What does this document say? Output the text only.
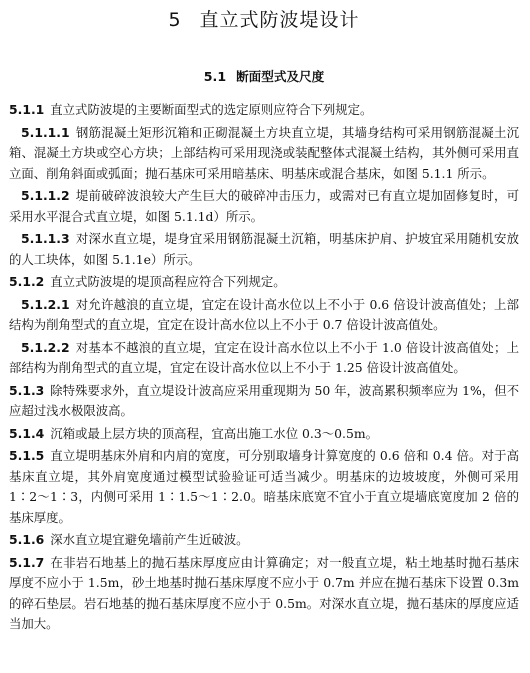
5 直立式防波堤设计
5.1 断面型式及尺度
5.1.1 直立式防波堤的主要断面型式的选定原则应符合下列规定。
5.1.1.1 钢筋混凝土矩形沉箱和正砌混凝土方块直立堤，其墙身结构可采用钢筋混凝土沉箱、混凝土方块或空心方块；上部结构可采用现浇或装配整体式混凝土结构，其外侧可采用直立面、削角斜面或弧面；抛石基床可采用暗基床、明基床或混合基床，如图 5.1.1 所示。
5.1.1.2 堤前破碎波浪较大产生巨大的破碎冲击压力，或需对已有直立堤加固修复时，可采用水平混合式直立堤，如图 5.1.1d）所示。
5.1.1.3 对深水直立堤，堤身宜采用钢筋混凝土沉箱，明基床护肩、护坡宜采用随机安放的人工块体，如图 5.1.1e）所示。
5.1.2 直立式防波堤的堤顶高程应符合下列规定。
5.1.2.1 对允许越浪的直立堤，宜定在设计高水位以上不小于 0.6 倍设计波高值处；上部结构为削角型式的直立堤，宜定在设计高水位以上不小于 0.7 倍设计波高值处。
5.1.2.2 对基本不越浪的直立堤，宜定在设计高水位以上不小于 1.0 倍设计波高值处；上部结构为削角型式的直立堤，宜定在设计高水位以上不小于 1.25 倍设计波高值处。
5.1.3 除特殊要求外，直立堤设计波高应采用重现期为 50 年，波高累积频率应为 1%，但不应超过浅水极限波高。
5.1.4 沉箱或最上层方块的顶高程，宜高出施工水位 0.3～0.5m。
5.1.5 直立堤明基床外肩和内肩的宽度，可分别取墙身计算宽度的 0.6 倍和 0.4 倍。对于高基床直立堤，其外肩宽度通过模型试验验证可适当减少。明基床的边坡坡度，外侧可采用 1∶2～1∶3，内侧可采用 1∶1.5～1∶2.0。暗基床底宽不宜小于直立堤墙底宽度加 2 倍的基床厚度。
5.1.6 深水直立堤宜避免墙前产生近破波。
5.1.7 在非岩石地基上的抛石基床厚度应由计算确定；对一般直立堤，粘土地基时抛石基床厚度不应小于 1.5m，砂土地基时抛石基床厚度不应小于 0.7m 并应在抛石基床下设置 0.3m 的碎石垫层。岩石地基的抛石基床厚度不应小于 0.5m。对深水直立堤，抛石基床的厚度应适当加大。
